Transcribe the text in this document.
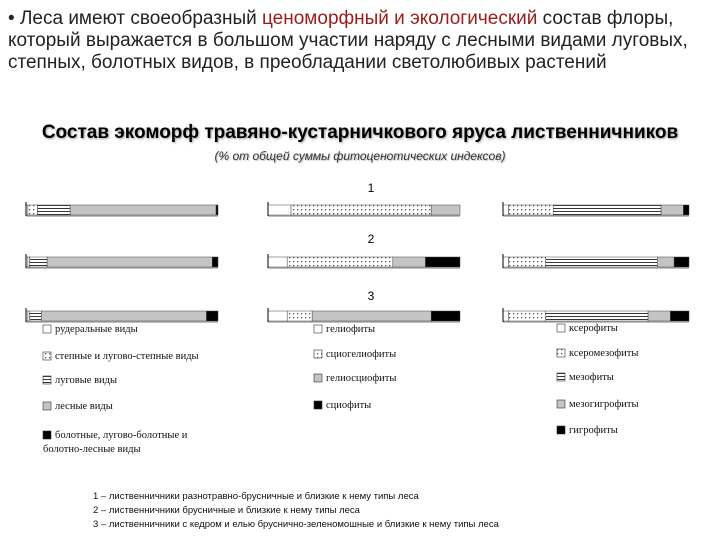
• Леса имеют своеобразный ценоморфный и экологический состав флоры, который выражается в большом участии наряду с лесными видами луговых, степных, болотных видов, в преобладании светолюбивых растений
Состав экоморф травяно-кустарничкового яруса лиственничников
(% от общей суммы фитоценотических индексов)
1
2
3
рудеральные виды
степные и лугово-степные виды
луговые виды
лесные виды
болотные, лугово-болотные и болотно-лесные виды
гелиофиты
сциогелиофиты
гелиосциофиты
сциофиты
ксерофиты
ксеромезофиты
мезофиты
мезогигрофиты
гигрофиты
1 – лиственничники разнотравно-брусничные и близкие к нему типы леса
2 – лиственничники брусничные и близкие к нему типы леса
3 – лиственничники с кедром и елью бруснично-зеленомошные и близкие к нему типы леса
